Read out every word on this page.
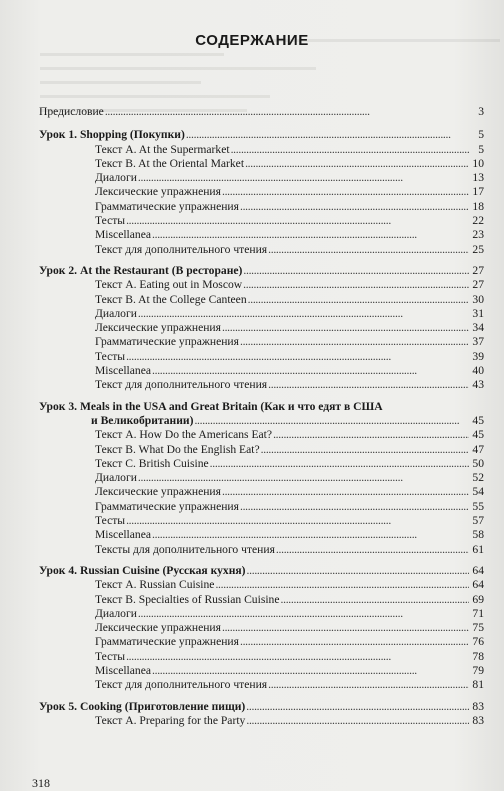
СОДЕРЖАНИЕ
Предисловие . . .	3
Урок 1. Shopping (Покупки) . . .	5
Текст A. At the Supermarket . . .	5
Текст B. At the Oriental Market . . .	10
Диалоги . . .	13
Лексические упражнения . . .	17
Грамматические упражнения . . .	18
Тесты . . .	22
Miscellanea . . .	23
Текст для дополнительного чтения . . .	25
Урок 2. At the Restaurant (В ресторане) . . .	27
Текст A. Eating out in Moscow . . .	27
Текст B. At the College Canteen . . .	30
Диалоги . . .	31
Лексические упражнения . . .	34
Грамматические упражнения . . .	37
Тесты . . .	39
Miscellanea . . .	40
Текст для дополнительного чтения . . .	43
Урок 3. Meals in the USA and Great Britain (Как и что едят в США
и Великобритании) . . .	45
Текст A. How Do the Americans Eat? . . .	45
Текст B. What Do the English Eat? . . .	47
Текст C. British Cuisine . . .	50
Диалоги . . .	52
Лексические упражнения . . .	54
Грамматические упражнения . . .	55
Тесты . . .	57
Miscellanea . . .	58
Тексты для дополнительного чтения . . .	61
Урок 4. Russian Cuisine (Русская кухня) . . .	64
Текст A. Russian Cuisine . . .	64
Текст B. Specialties of Russian Cuisine . . .	69
Диалоги . . .	71
Лексические упражнения . . .	75
Грамматические упражнения . . .	76
Тесты . . .	78
Miscellanea . . .	79
Текст для дополнительного чтения . . .	81
Урок 5. Cooking (Приготовление пищи) . . .	83
Текст A. Preparing for the Party . . .	83
318
